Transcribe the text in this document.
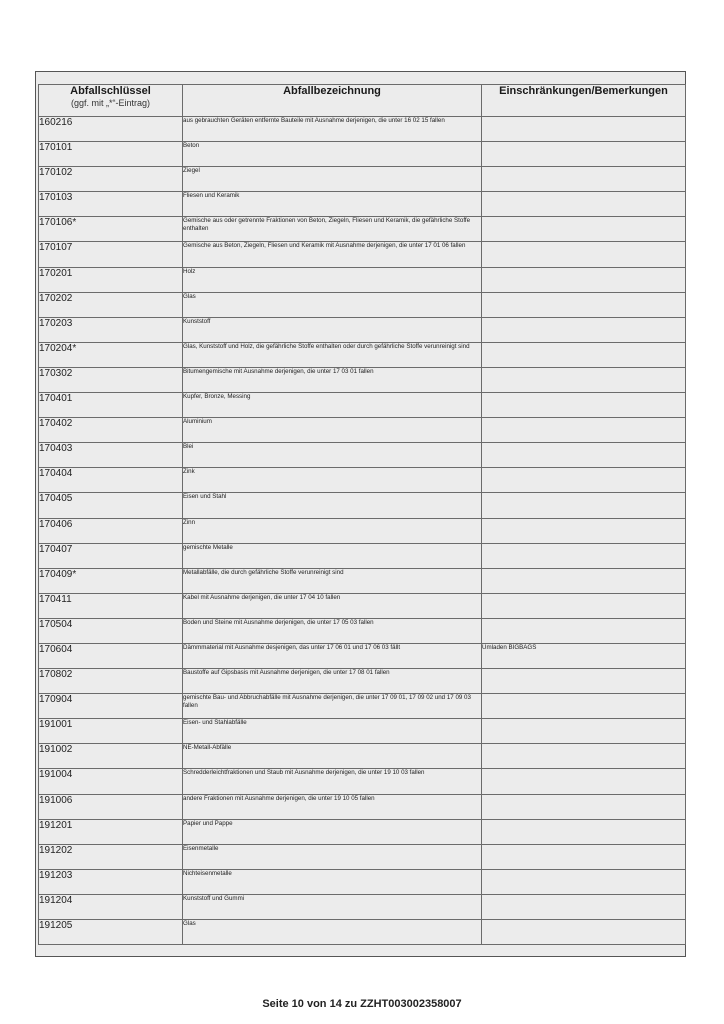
Abfallschlüssel
(ggf. mit „*“-Eintrag)	Abfallbezeichnung	Einschränkungen/Bemerkungen
160216	aus gebrauchten Geräten entfernte Bauteile mit Ausnahme derjenigen, die unter 16 02 15 fallen	
170101	Beton	
170102	Ziegel	
170103	Fliesen und Keramik	
170106*	Gemische aus oder getrennte Fraktionen von Beton, Ziegeln, Fliesen und Keramik, die gefährliche Stoffe enthalten	
170107	Gemische aus Beton, Ziegeln, Fliesen und Keramik mit Ausnahme derjenigen, die unter 17 01 06 fallen	
170201	Holz	
170202	Glas	
170203	Kunststoff	
170204*	Glas, Kunststoff und Holz, die gefährliche Stoffe enthalten oder durch gefährliche Stoffe verunreinigt sind	
170302	Bitumengemische mit Ausnahme derjenigen, die unter 17 03 01 fallen	
170401	Kupfer, Bronze, Messing	
170402	Aluminium	
170403	Blei	
170404	Zink	
170405	Eisen und Stahl	
170406	Zinn	
170407	gemischte Metalle	
170409*	Metallabfälle, die durch gefährliche Stoffe verunreinigt sind	
170411	Kabel mit Ausnahme derjenigen, die unter 17 04 10 fallen	
170504	Boden und Steine mit Ausnahme derjenigen, die unter 17 05 03 fallen	
170604	Dämmmaterial mit Ausnahme desjenigen, das unter 17 06 01 und 17 06 03 fällt	Umladen BIGBAGS
170802	Baustoffe auf Gipsbasis mit Ausnahme derjenigen, die unter 17 08 01 fallen	
170904	gemischte Bau- und Abbruchabfälle mit Ausnahme derjenigen, die unter 17 09 01, 17 09 02 und 17 09 03 fallen	
191001	Eisen- und Stahlabfälle	
191002	NE-Metall-Abfälle	
191004	Schredderleichtfraktionen und Staub mit Ausnahme derjenigen, die unter 19 10 03 fallen	
191006	andere Fraktionen mit Ausnahme derjenigen, die unter 19 10 05 fallen	
191201	Papier und Pappe	
191202	Eisenmetalle	
191203	Nichteisenmetalle	
191204	Kunststoff und Gummi	
191205	Glas	
Seite 10 von 14 zu ZZHT003002358007
